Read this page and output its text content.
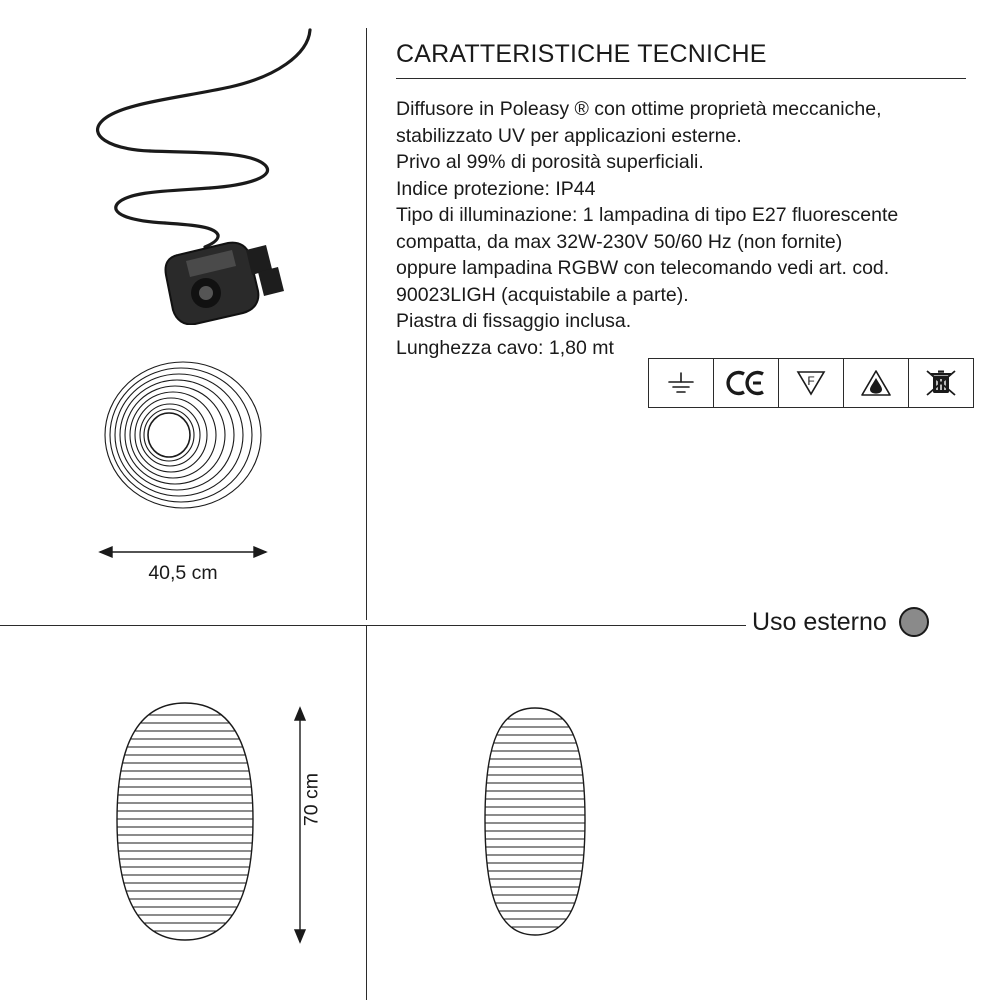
40,5 cm
70 cm
CARATTERISTICHE TECNICHE

Diffusore in Poleasy ® con ottime proprietà meccaniche,

stabilizzato UV per applicazioni esterne.

Privo al 99% di porosità superficiali.

Indice protezione: IP44

Tipo di illuminazione: 1 lampadina di tipo E27 fluorescente

compatta, da max 32W-230V 50/60 Hz (non fornite)

oppure lampadina RGBW con telecomando vedi art. cod.

90023LIGH (acquistabile a parte).

Piastra di fissaggio inclusa.

Lunghezza cavo: 1,80 mt

F
Uso esterno
